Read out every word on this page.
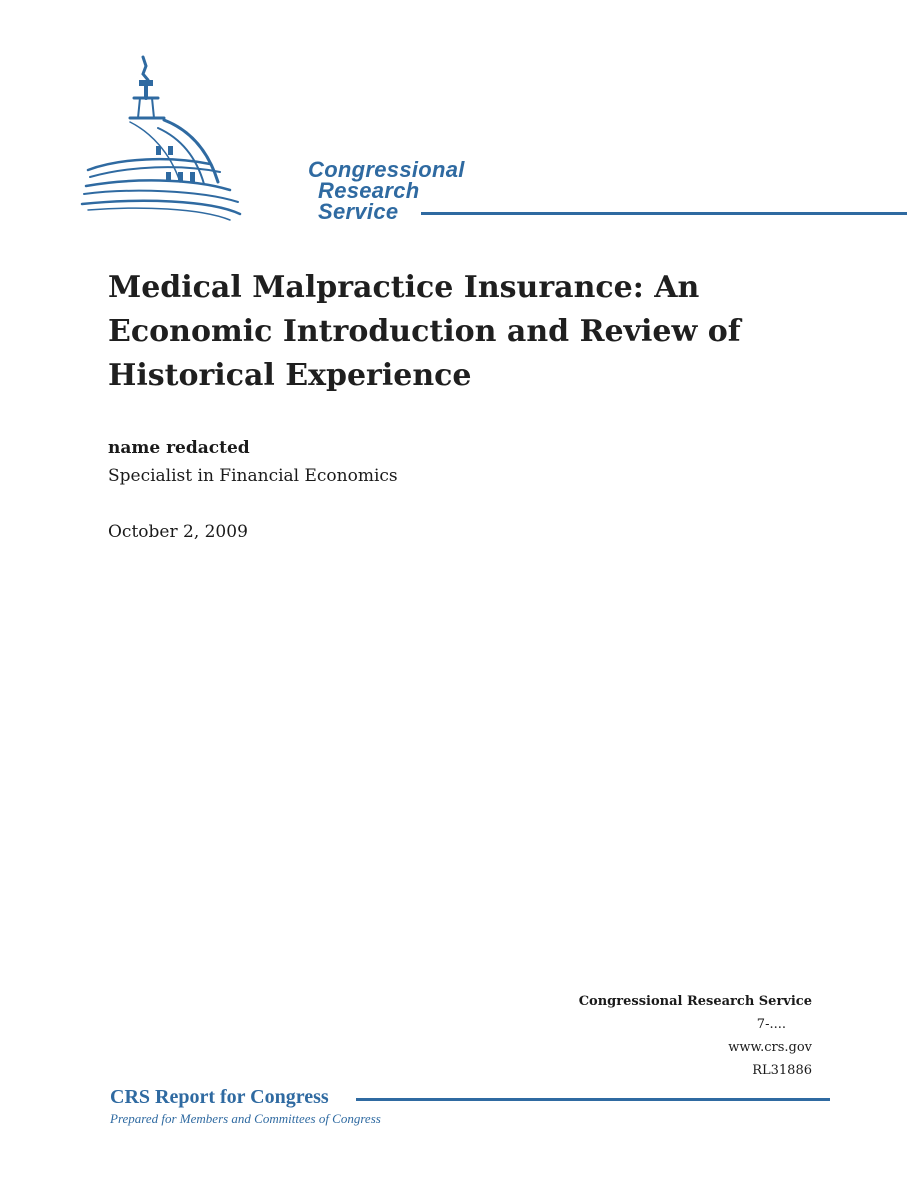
Congressional
Research
Service
Medical Malpractice Insurance: An Economic Introduction and Review of Historical Experience
name redacted
Specialist in Financial Economics
October 2, 2009
Congressional Research Service
7-....
www.crs.gov
RL31886
CRS Report for Congress
Prepared for Members and Committees of Congress
